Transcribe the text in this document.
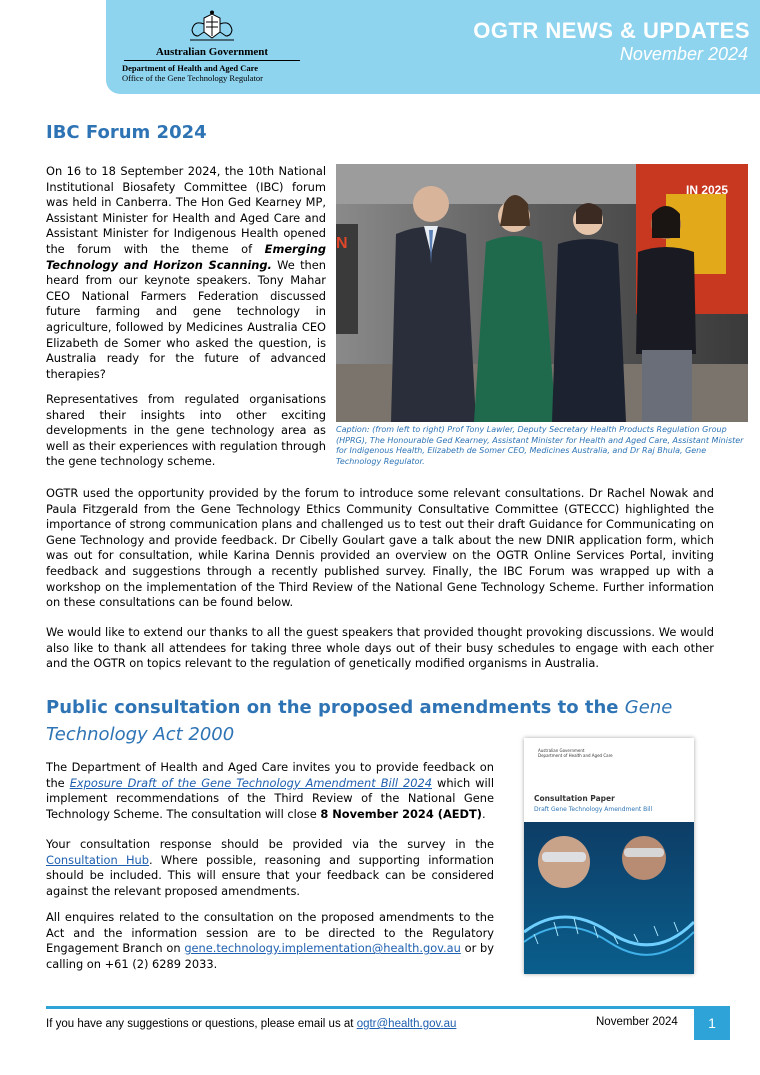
Australian Government
Department of Health and Aged Care
Office of the Gene Technology Regulator
OGTR NEWS & UPDATES
November 2024
IBC Forum 2024
On 16 to 18 September 2024, the 10th National Institutional Biosafety Committee (IBC) forum was held in Canberra. The Hon Ged Kearney MP, Assistant Minister for Health and Aged Care and Assistant Minister for Indigenous Health opened the forum with the theme of Emerging Technology and Horizon Scanning. We then heard from our keynote speakers. Tony Mahar CEO National Farmers Federation discussed future farming and gene technology in agriculture, followed by Medicines Australia CEO Elizabeth de Somer who asked the question, is Australia ready for the future of advanced therapies?
Representatives from regulated organisations shared their insights into other exciting developments in the gene technology area as well as their experiences with regulation through the gene technology scheme.
IN 2025
N
Caption: (from left to right) Prof Tony Lawler, Deputy Secretary Health Products Regulation Group (HPRG), The Honourable Ged Kearney, Assistant Minister for Health and Aged Care, Assistant Minister for Indigenous Health, Elizabeth de Somer CEO, Medicines Australia, and Dr Raj Bhula, Gene Technology Regulator.
OGTR used the opportunity provided by the forum to introduce some relevant consultations. Dr Rachel Nowak and Paula Fitzgerald from the Gene Technology Ethics Community Consultative Committee (GTECCC) highlighted the importance of strong communication plans and challenged us to test out their draft Guidance for Communicating on Gene Technology and provide feedback. Dr Cibelly Goulart gave a talk about the new DNIR application form, which was out for consultation, while Karina Dennis provided an overview on the OGTR Online Services Portal, inviting feedback and suggestions through a recently published survey. Finally, the IBC Forum was wrapped up with a workshop on the implementation of the Third Review of the National Gene Technology Scheme. Further information on these consultations can be found below.
We would like to extend our thanks to all the guest speakers that provided thought provoking discussions. We would also like to thank all attendees for taking three whole days out of their busy schedules to engage with each other and the OGTR on topics relevant to the regulation of genetically modified organisms in Australia.
Public consultation on the proposed amendments to the Gene Technology Act 2000
The Department of Health and Aged Care invites you to provide feedback on the Exposure Draft of the Gene Technology Amendment Bill 2024 which will implement recommendations of the Third Review of the National Gene Technology Scheme. The consultation will close 8 November 2024 (AEDT).
Your consultation response should be provided via the survey in the Consultation Hub. Where possible, reasoning and supporting information should be included. This will ensure that your feedback can be considered against the relevant proposed amendments.
All enquires related to the consultation on the proposed amendments to the Act and the information session are to be directed to the Regulatory Engagement Branch on gene.technology.implementation@health.gov.au or by calling on +61 (2) 6289 2033.
Australian Government
Department of Health and Aged Care
Consultation Paper
Draft Gene Technology Amendment Bill
If you have any suggestions or questions, please email us at ogtr@health.gov.au	November 2024	1
